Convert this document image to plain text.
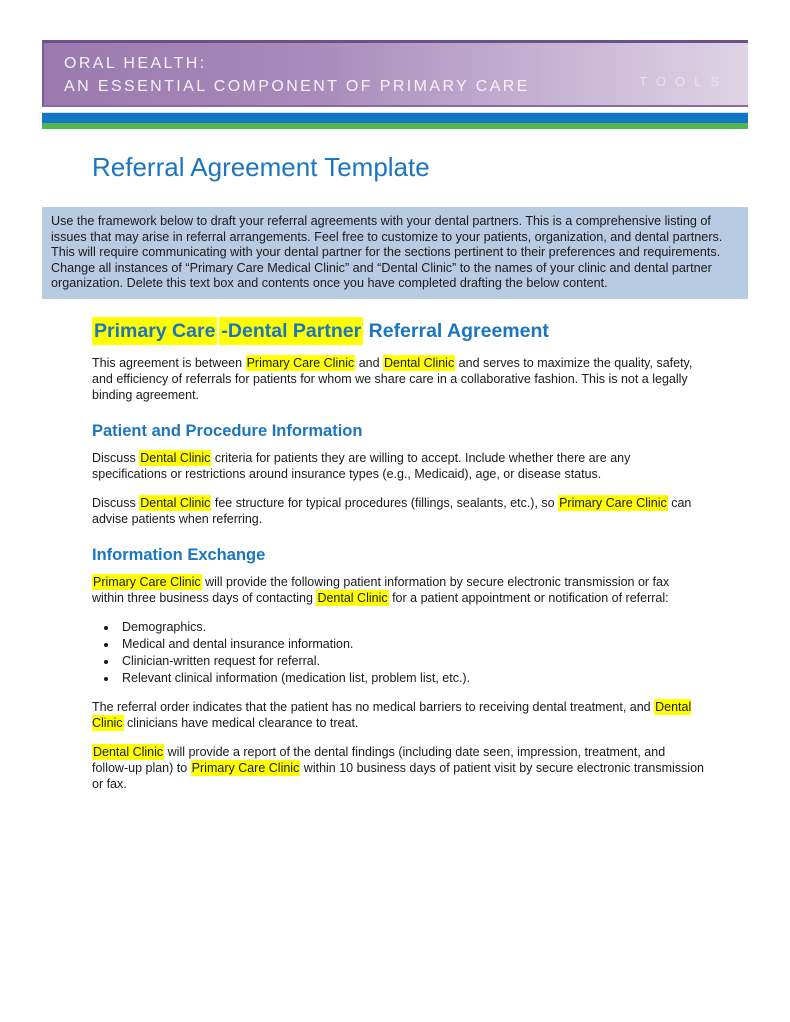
ORAL HEALTH:
AN ESSENTIAL COMPONENT OF PRIMARY CARE	TOOLS
Referral Agreement Template

Use the framework below to draft your referral agreements with your dental partners. This is a comprehensive listing of issues that may arise in referral arrangements. Feel free to customize to your patients, organization, and dental partners. This will require communicating with your dental partner for the sections pertinent to their preferences and requirements. Change all instances of “Primary Care Medical Clinic” and “Dental Clinic” to the names of your clinic and dental partner organization. Delete this text box and contents once you have completed drafting the below content.

Primary Care -Dental Partner Referral Agreement

This agreement is between Primary Care Clinic and Dental Clinic and serves to maximize the quality, safety, and efficiency of referrals for patients for whom we share care in a collaborative fashion. This is not a legally binding agreement.

Patient and Procedure Information

Discuss Dental Clinic criteria for patients they are willing to accept. Include whether there are any specifications or restrictions around insurance types (e.g., Medicaid), age, or disease status.

Discuss Dental Clinic fee structure for typical procedures (fillings, sealants, etc.), so Primary Care Clinic can advise patients when referring.

Information Exchange

Primary Care Clinic will provide the following patient information by secure electronic transmission or fax within three business days of contacting Dental Clinic for a patient appointment or notification of referral:

• Demographics.
• Medical and dental insurance information.
• Clinician-written request for referral.
• Relevant clinical information (medication list, problem list, etc.).

The referral order indicates that the patient has no medical barriers to receiving dental treatment, and Dental Clinic clinicians have medical clearance to treat.

Dental Clinic will provide a report of the dental findings (including date seen, impression, treatment, and follow-up plan) to Primary Care Clinic within 10 business days of patient visit by secure electronic transmission or fax.
